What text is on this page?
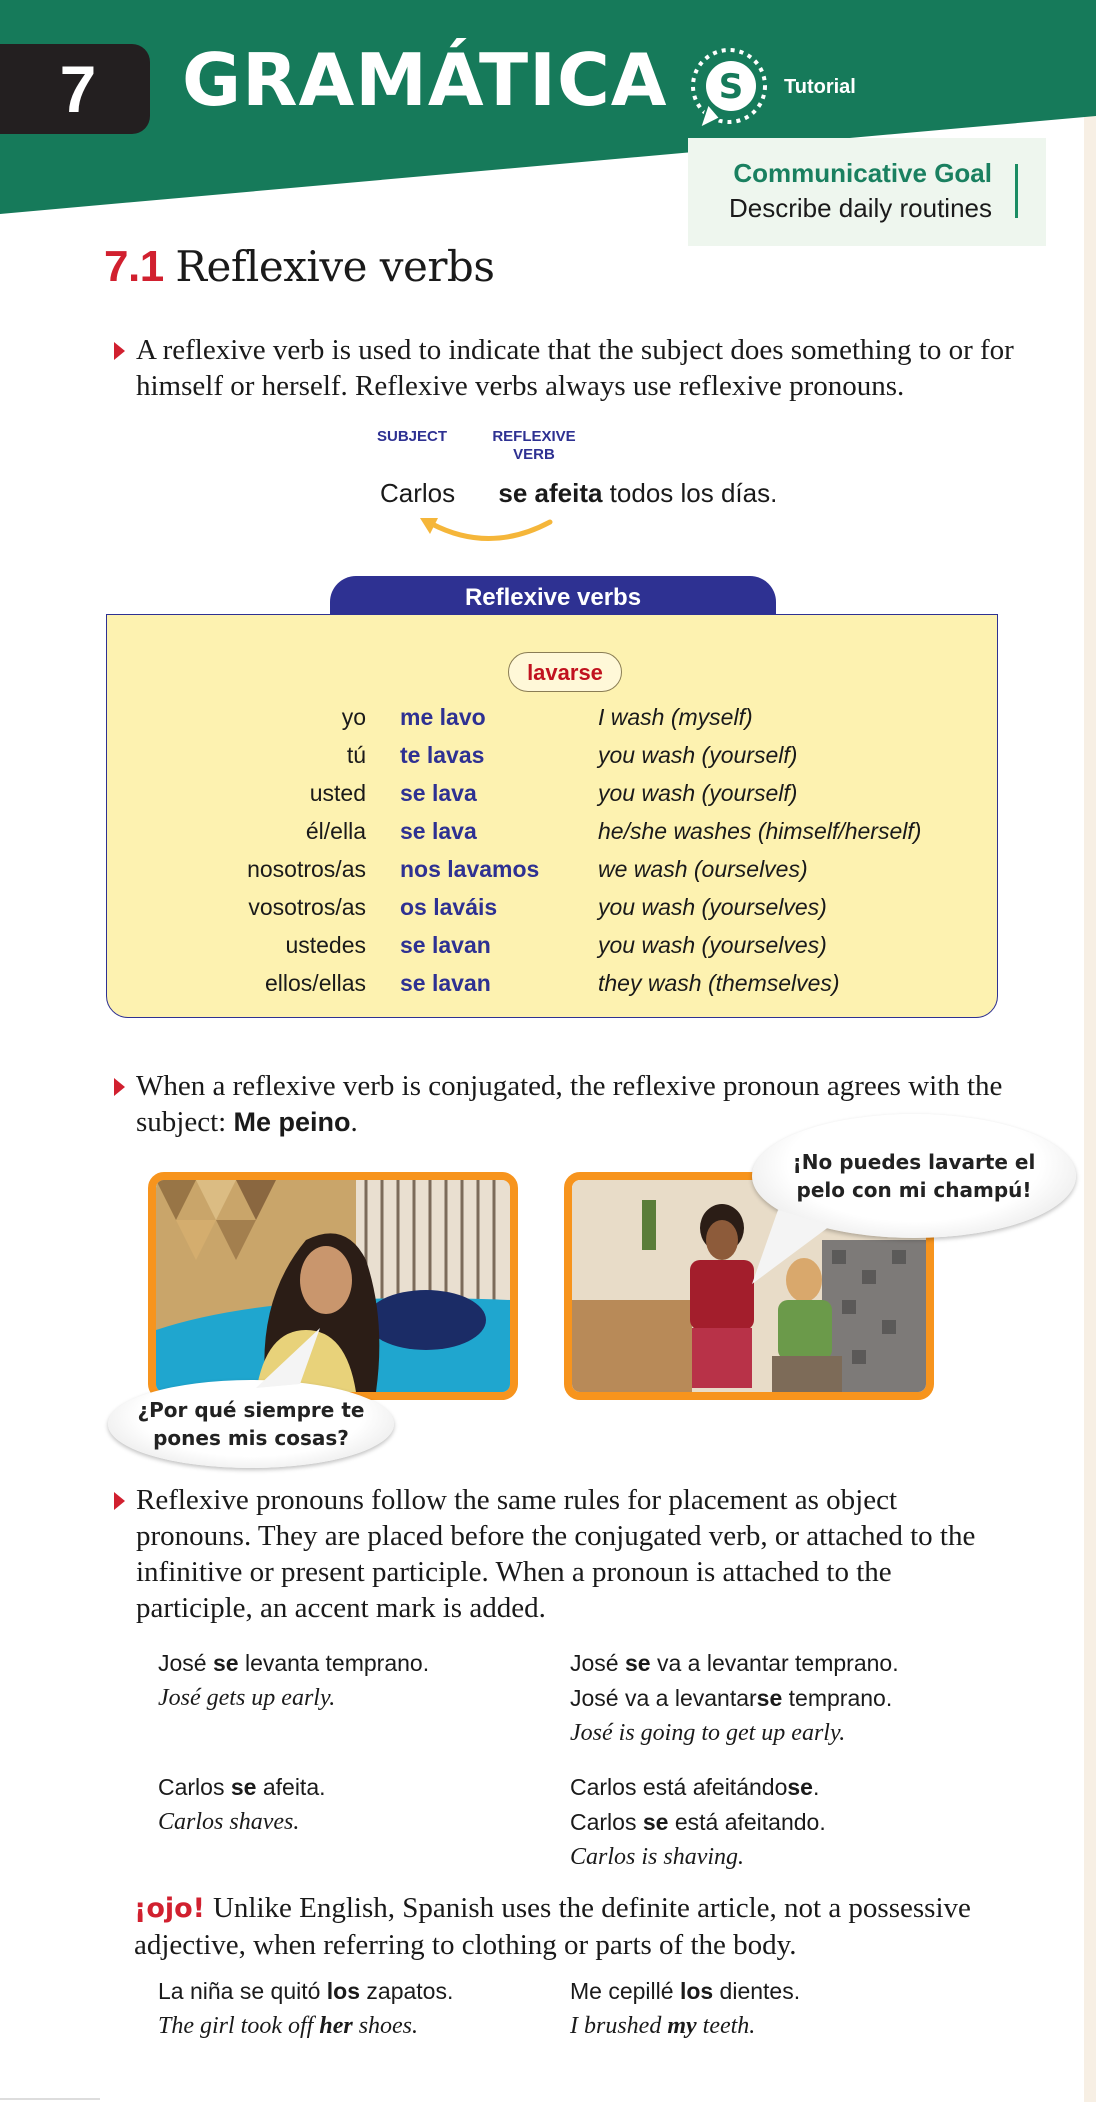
7 GRAMÁTICA S Tutorial
Communicative Goal
Describe daily routines
7.1 Reflexive verbs
A reflexive verb is used to indicate that the subject does something to or for himself or herself. Reflexive verbs always use reflexive pronouns.
SUBJECT	REFLEXIVE
VERB
Carlos se afeita todos los días.
Reflexive verbs
lavarse
yo me lavo	I wash (myself)
tú te lavas	you wash (yourself)
usted se lava	you wash (yourself)
él/ella se lava	he/she washes (himself/herself)
nosotros/as nos lavamos	we wash (ourselves)
vosotros/as os laváis	you wash (yourselves)
ustedes se lavan	you wash (yourselves)
ellos/ellas se lavan	they wash (themselves)
When a reflexive verb is conjugated, the reflexive pronoun agrees with the subject: Me peino.
¿Por qué siempre te
pones mis cosas?
¡No puedes lavarte el
pelo con mi champú!
Reflexive pronouns follow the same rules for placement as object pronouns. They are placed before the conjugated verb, or attached to the infinitive or present participle. When a pronoun is attached to the participle, an accent mark is added.
José se levanta temprano.
José gets up early.
José se va a levantar temprano.
José va a levantarse temprano.
José is going to get up early.
Carlos se afeita.
Carlos shaves.
Carlos está afeitándose.
Carlos se está afeitando.
Carlos is shaving.
¡ojo! Unlike English, Spanish uses the definite article, not a possessive adjective, when referring to clothing or parts of the body.
La niña se quitó los zapatos.
The girl took off her shoes.
Me cepillé los dientes.
I brushed my teeth.
